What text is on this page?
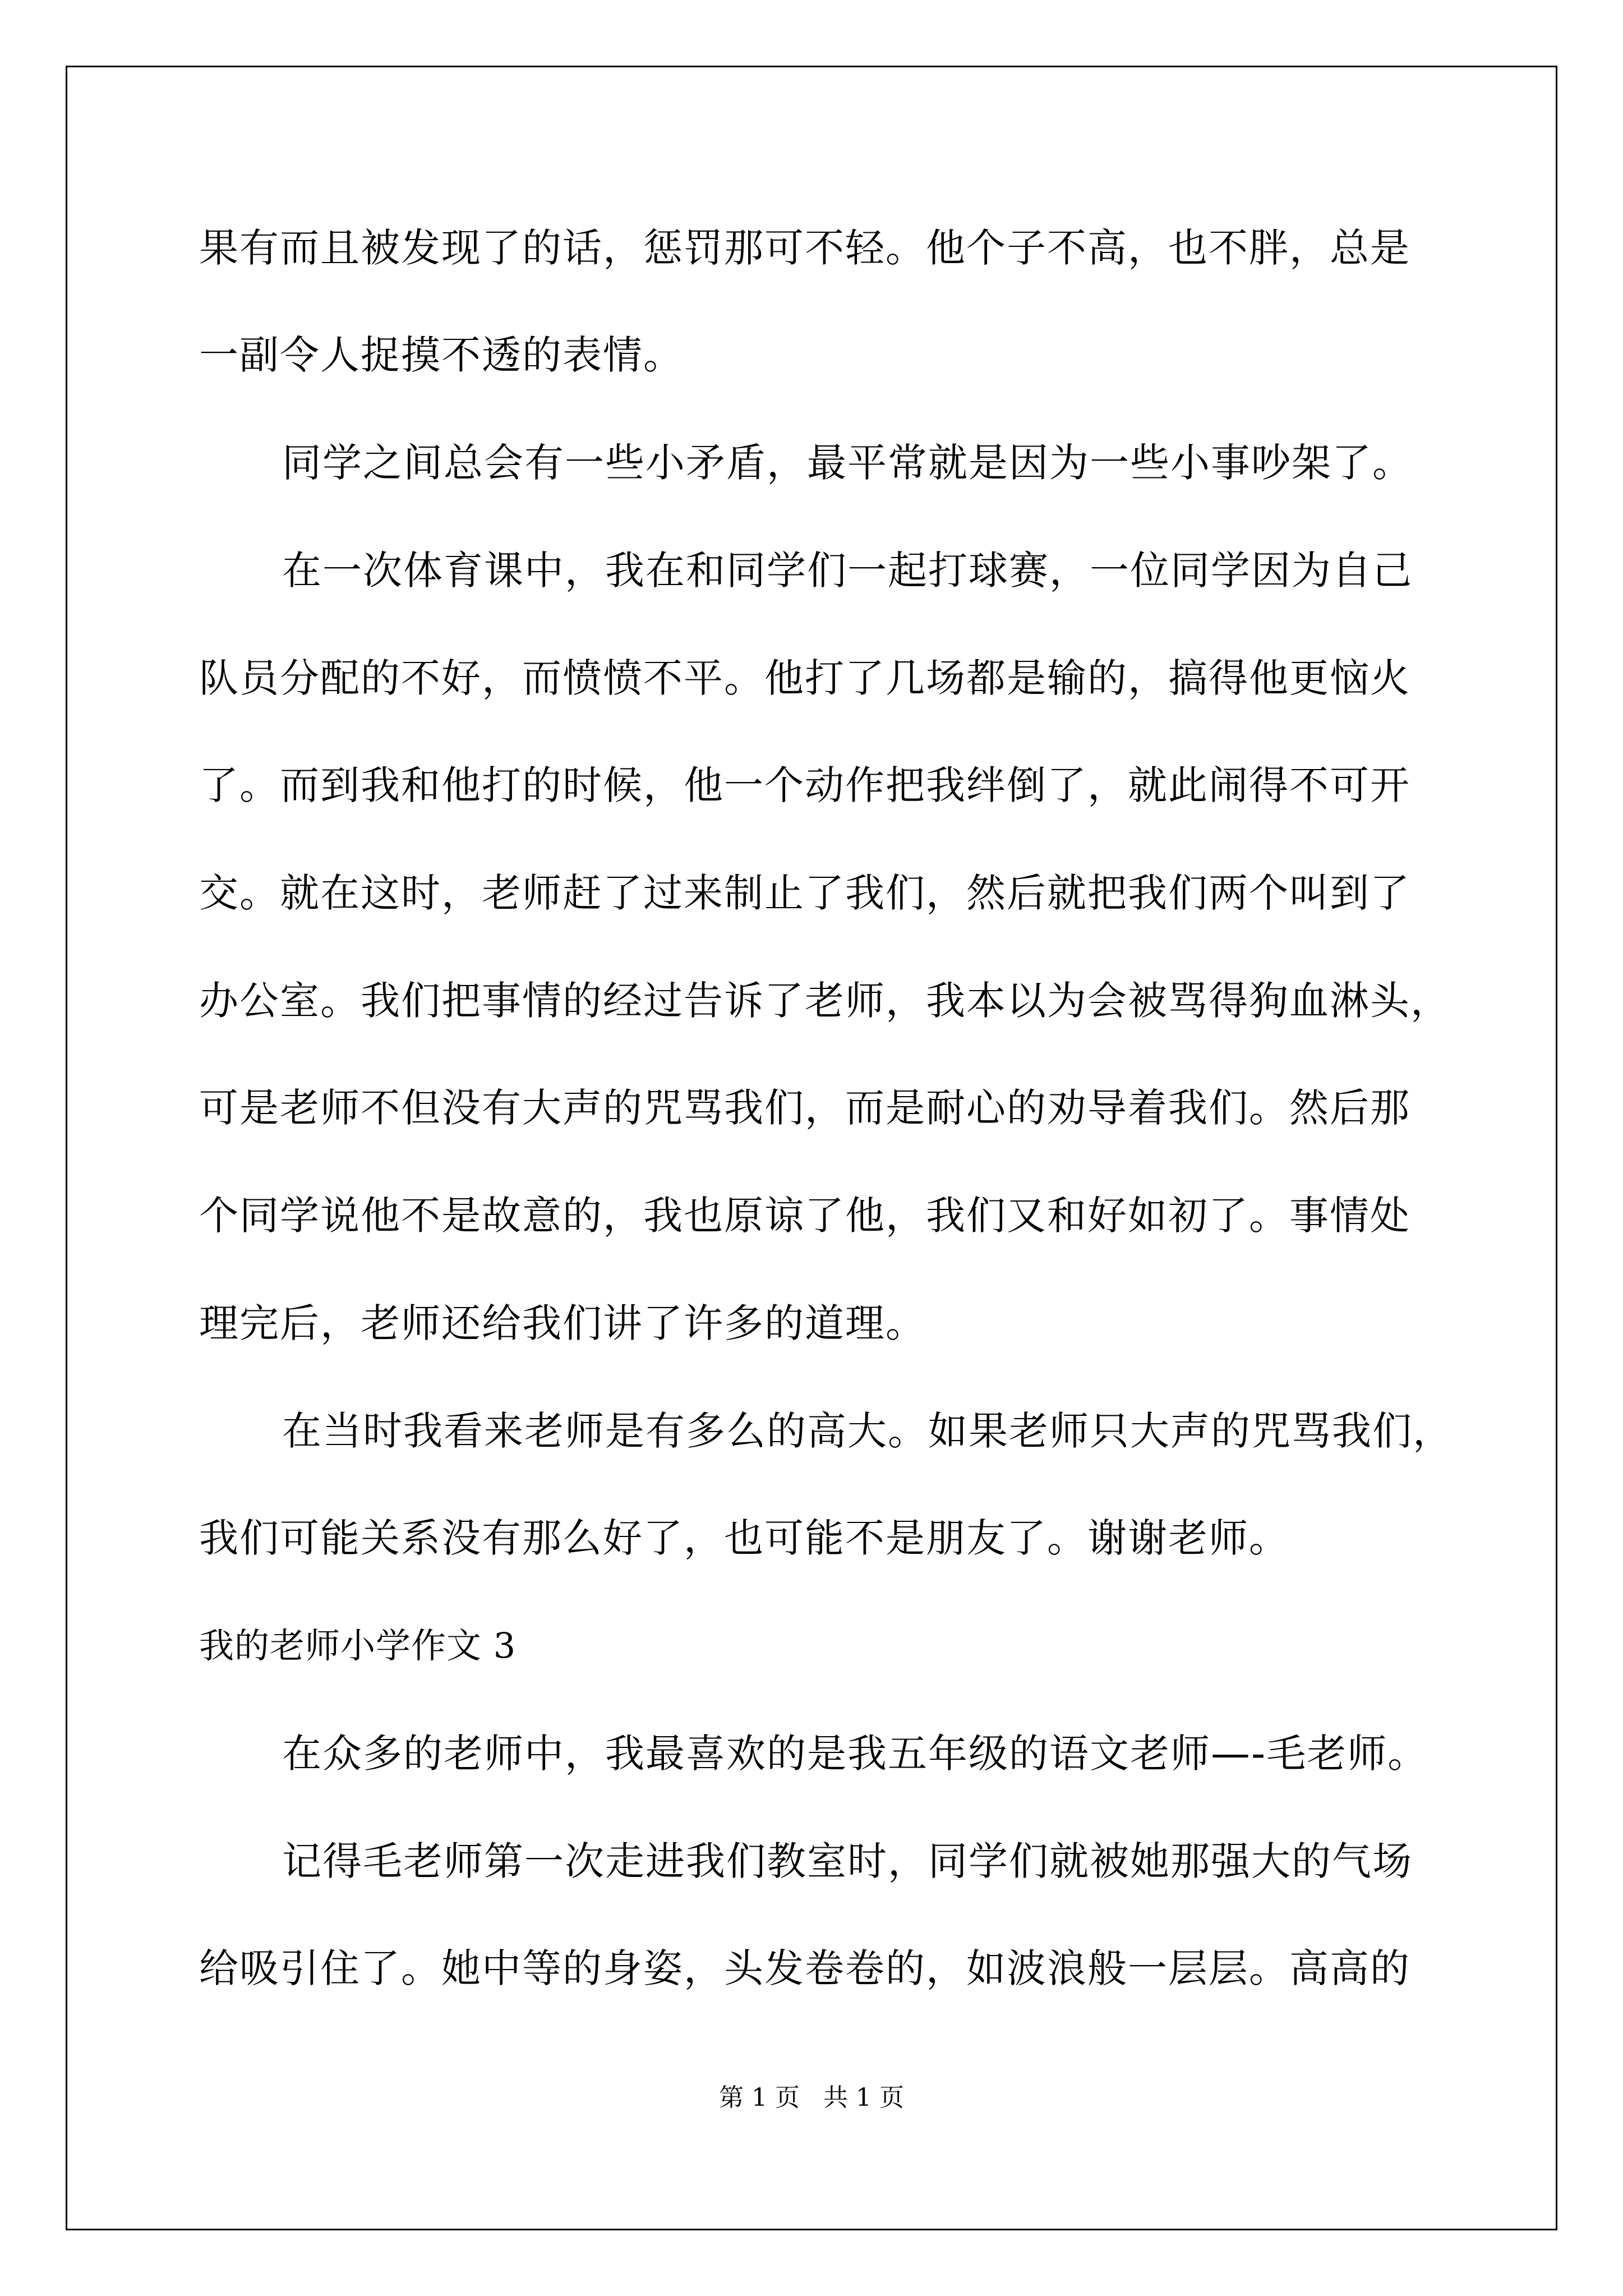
果有而且被发现了的话，惩罚那可不轻。他个子不高，也不胖，总是
一副令人捉摸不透的表情。
同学之间总会有一些小矛盾，最平常就是因为一些小事吵架了。
在一次体育课中，我在和同学们一起打球赛，一位同学因为自己
队员分配的不好，而愤愤不平。他打了几场都是输的，搞得他更恼火
了。而到我和他打的时候，他一个动作把我绊倒了，就此闹得不可开
交。就在这时，老师赶了过来制止了我们，然后就把我们两个叫到了
办公室。我们把事情的经过告诉了老师，我本以为会被骂得狗血淋头，
可是老师不但没有大声的咒骂我们，而是耐心的劝导着我们。然后那
个同学说他不是故意的，我也原谅了他，我们又和好如初了。事情处
理完后，老师还给我们讲了许多的道理。
在当时我看来老师是有多么的高大。如果老师只大声的咒骂我们，
我们可能关系没有那么好了，也可能不是朋友了。谢谢老师。
我的老师小学作文 3
在众多的老师中，我最喜欢的是我五年级的语文老师—-毛老师。
记得毛老师第一次走进我们教室时，同学们就被她那强大的气场
给吸引住了。她中等的身姿，头发卷卷的，如波浪般一层层。高高的
第 1 页   共 1 页
